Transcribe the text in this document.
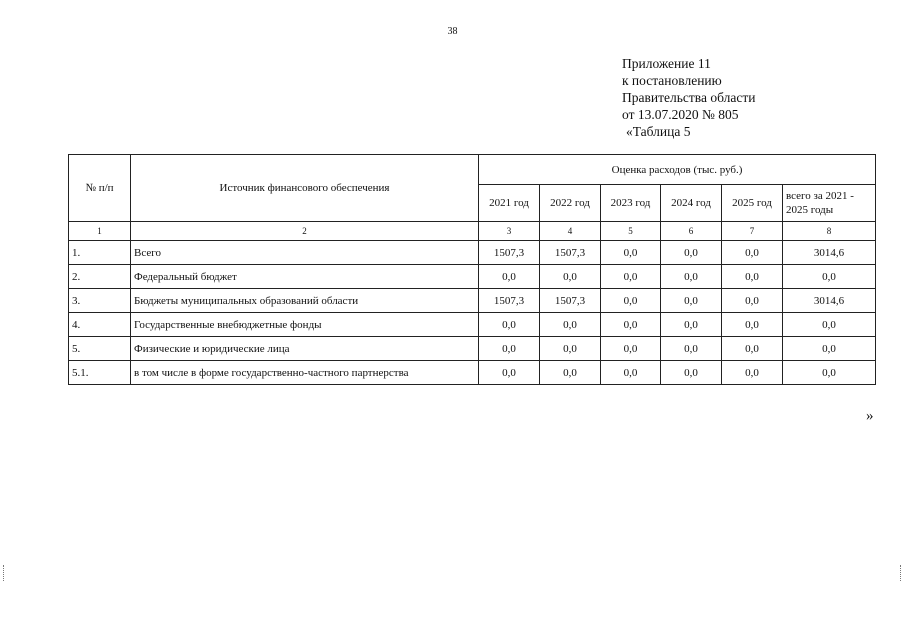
38
Приложение 11
к постановлению
Правительства области
от 13.07.2020 № 805
«Таблица 5
№ п/п	Источник финансового обеспечения	Оценка расходов (тыс. руб.)					
		2021 год	2022 год	2023 год	2024 год	2025 год	всего за 2021 - 2025 годы
1	2	3	4	5	6	7	8
1.	Всего	1507,3	1507,3	0,0	0,0	0,0	3014,6
2.	Федеральный бюджет	0,0	0,0	0,0	0,0	0,0	0,0
3.	Бюджеты муниципальных образований области	1507,3	1507,3	0,0	0,0	0,0	3014,6
4.	Государственные внебюджетные фонды	0,0	0,0	0,0	0,0	0,0	0,0
5.	Физические и юридические лица	0,0	0,0	0,0	0,0	0,0	0,0
5.1.	в том числе в форме государственно-частного партнерства	0,0	0,0	0,0	0,0	0,0	0,0
»
